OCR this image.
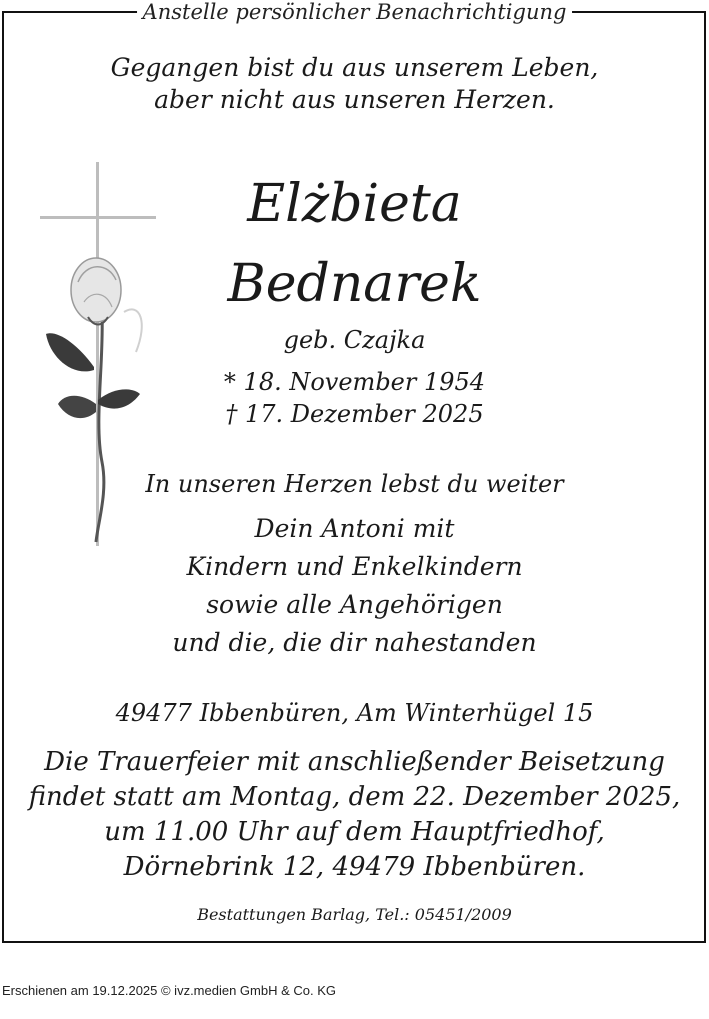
Anstelle persönlicher Benachrichtigung
Gegangen bist du aus unserem Leben,
aber nicht aus unseren Herzen.
Elżbieta
Bednarek
geb. Czajka
* 18. November 1954
† 17. Dezember 2025
In unseren Herzen lebst du weiter
Dein Antoni mit
Kindern und Enkelkindern
sowie alle Angehörigen
und die, die dir nahestanden
49477 Ibbenbüren, Am Winterhügel 15
Die Trauerfeier mit anschließender Beisetzung
findet statt am Montag, dem 22. Dezember 2025,
um 11.00 Uhr auf dem Hauptfriedhof,
Dörnebrink 12, 49479 Ibbenbüren.
Bestattungen Barlag, Tel.: 05451/2009
Erschienen am 19.12.2025 © ivz.medien GmbH & Co. KG
